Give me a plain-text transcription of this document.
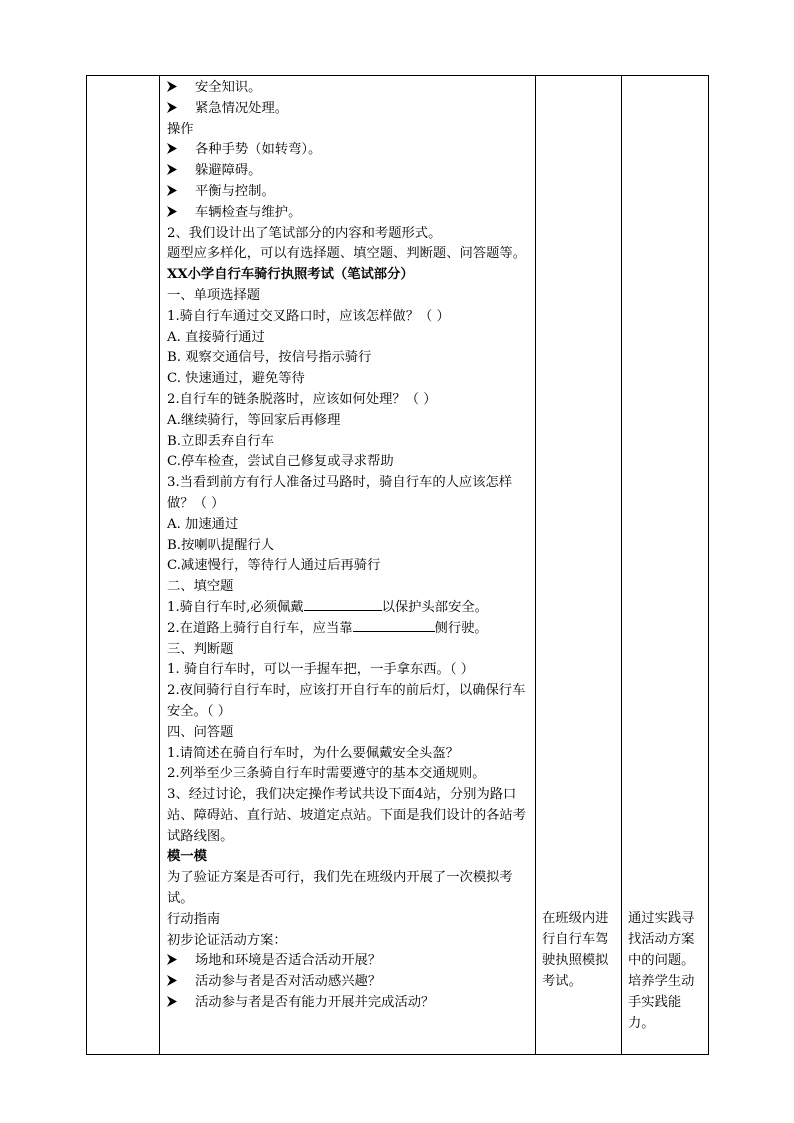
安全知识。
紧急情况处理。
操作
各种手势（如转弯）。
躲避障碍。
平衡与控制。
车辆检查与维护。
2、我们设计出了笔试部分的内容和考题形式。
题型应多样化，可以有选择题、填空题、判断题、问答题等。
XX小学自行车骑行执照考试（笔试部分）
一、单项选择题
1.骑自行车通过交叉路口时，应该怎样做？（ ）
A. 直接骑行通过
B. 观察交通信号，按信号指示骑行
C. 快速通过，避免等待
2.自行车的链条脱落时，应该如何处理？（ ）
A.继续骑行，等回家后再修理
B.立即丢弃自行车
C.停车检查，尝试自己修复或寻求帮助
3.当看到前方有行人准备过马路时，骑自行车的人应该怎样做？（ ）
A. 加速通过
B.按喇叭提醒行人
C.减速慢行，等待行人通过后再骑行
二、填空题
1.骑自行车时,必须佩戴	以保护头部安全。
2.在道路上骑行自行车，应当靠	侧行驶。
三、判断题
1. 骑自行车时，可以一手握车把，一手拿东西。（ ）
2.夜间骑行自行车时，应该打开自行车的前后灯，以确保行车安全。（ ）
四、问答题
1.请简述在骑自行车时，为什么要佩戴安全头盔？
2.列举至少三条骑自行车时需要遵守的基本交通规则。
3、经过讨论，我们决定操作考试共设下面4站，分别为路口站、障碍站、直行站、坡道定点站。下面是我们设计的各站考试路线图。
模一模
为了验证方案是否可行，我们先在班级内开展了一次模拟考试。
行动指南
初步论证活动方案：
场地和环境是否适合活动开展？
活动参与者是否对活动感兴趣？
活动参与者是否有能力开展并完成活动？

在班级内进行自行车驾驶执照模拟考试。

通过实践寻找活动方案中的问题。培养学生动手实践能力。
